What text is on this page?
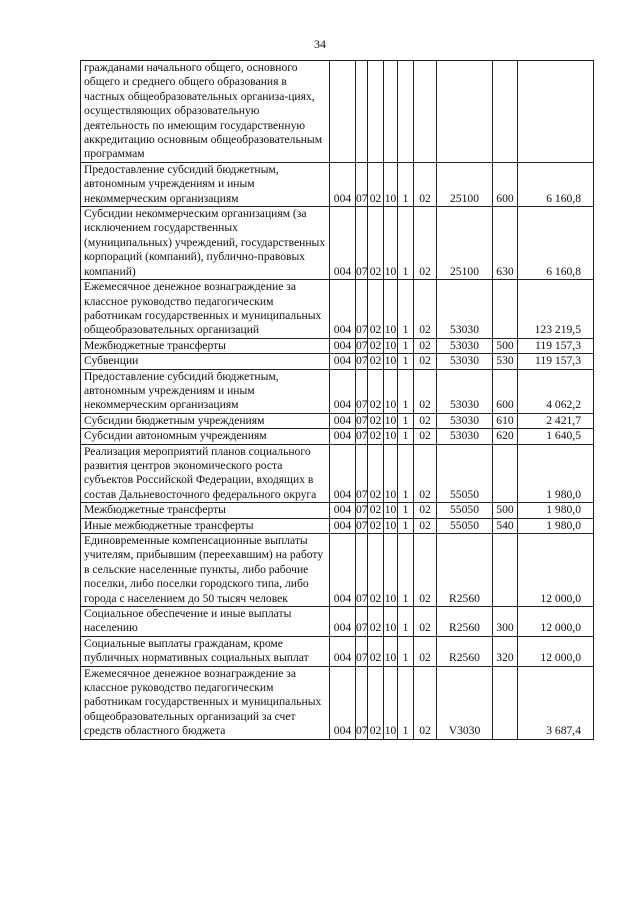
34
гражданами начального общего, основного общего и среднего общего образования в частных общеобразовательных организа-циях, осуществляющих образовательную деятельность по имеющим государственную аккредитацию основным общеобразовательным программам									
Предоставление субсидий бюджетным, автономным учреждениям и иным некоммерческим организациям	004	07	02	10	1	02	25100	600	6 160,8
Субсидии некоммерческим организациям (за исключением государственных (муниципальных) учреждений, государственных корпораций (компаний), публично-правовых компаний)	004	07	02	10	1	02	25100	630	6 160,8
Ежемесячное денежное вознаграждение за классное руководство педагогическим работникам государственных и муниципальных общеобразовательных организаций	004	07	02	10	1	02	53030		123 219,5
Межбюджетные трансферты	004	07	02	10	1	02	53030	500	119 157,3
Субвенции	004	07	02	10	1	02	53030	530	119 157,3
Предоставление субсидий бюджетным, автономным учреждениям и иным некоммерческим организациям	004	07	02	10	1	02	53030	600	4 062,2
Субсидии бюджетным учреждениям	004	07	02	10	1	02	53030	610	2 421,7
Субсидии автономным учреждениям	004	07	02	10	1	02	53030	620	1 640,5
Реализация мероприятий планов социального развития центров экономического роста субъектов Российской Федерации, входящих в состав Дальневосточного федерального округа	004	07	02	10	1	02	55050		1 980,0
Межбюджетные трансферты	004	07	02	10	1	02	55050	500	1 980,0
Иные межбюджетные трансферты	004	07	02	10	1	02	55050	540	1 980,0
Единовременные компенсационные выплаты учителям, прибывшим (переехавшим) на работу в сельские населенные пункты, либо рабочие поселки, либо поселки городского типа, либо города с населением до 50 тысяч человек	004	07	02	10	1	02	R2560		12 000,0
Социальное обеспечение и иные выплаты населению	004	07	02	10	1	02	R2560	300	12 000,0
Социальные выплаты гражданам, кроме публичных нормативных социальных выплат	004	07	02	10	1	02	R2560	320	12 000,0
Ежемесячное денежное вознаграждение за классное руководство педагогическим работникам государственных и муниципальных общеобразовательных организаций за счет средств областного бюджета	004	07	02	10	1	02	V3030		3 687,4
